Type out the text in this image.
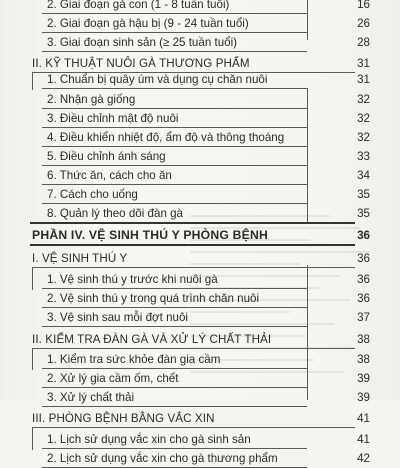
2. Giai đoạn gà con (1 - 8 tuần tuổi)	16
2. Giai đoạn gà hậu bị (9 - 24 tuần tuổi)	26
3. Giai đoạn sinh sản (≥ 25 tuần tuổi)	28
II. KỸ THUẬT NUÔI GÀ THƯƠNG PHẨM	31
1. Chuẩn bị quây úm và dụng cụ chăn nuôi	31
2. Nhận gà giống	32
3. Điều chỉnh mật độ nuôi	32
4. Điều khiển nhiệt độ, ẩm độ và thông thoáng	32
5. Điều chỉnh ánh sáng	33
6. Thức ăn, cách cho ăn	34
7. Cách cho uống	35
8. Quản lý theo dõi đàn gà	35
PHẦN IV. VỆ SINH THÚ Y PHÒNG BỆNH	36
I. VỆ SINH THÚ Y	36
1. Vệ sinh thú y trước khi nuôi gà	36
2. Vệ sinh thú y trong quá trình chăn nuôi	36
3. Vệ sinh sau mỗi đợt nuôi	37
II. KIỂM TRA ĐÀN GÀ VÀ XỬ LÝ CHẤT THẢI	38
1. Kiểm tra sức khỏe đàn gia cầm	38
2. Xử lý gia cầm ốm, chết	39
3. Xử lý chất thải	39
III. PHÒNG BỆNH BẰNG VẮC XIN	41
1. Lịch sử dụng vắc xin cho gà sinh sản	41
2. Lịch sử dụng vắc xin cho gà thương phẩm	42
